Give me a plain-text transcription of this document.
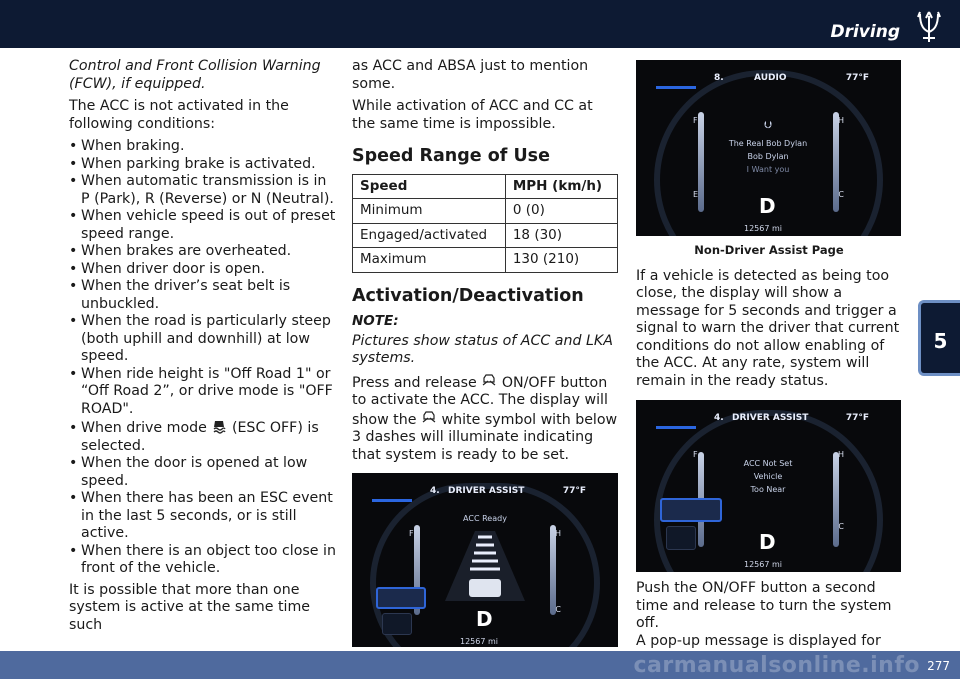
Driving
5
Control and Front Collision Warning (FCW), if equipped.
The ACC is not activated in the following conditions:
• When braking.
• When parking brake is activated.
• When automatic transmission is in P (Park), R (Reverse) or N (Neutral).
• When vehicle speed is out of preset speed range.
• When brakes are overheated.
• When driver door is open.
• When the driver’s seat belt is unbuckled.
• When the road is particularly steep (both uphill and downhill) at low speed.
• When ride height is "Off Road 1" or “Off Road 2”, or drive mode is "OFF ROAD".
• When drive mode (ESC OFF) is selected.
• When the door is opened at low speed.
• When there has been an ESC event in the last 5 seconds, or is still active.
• When there is an object too close in front of the vehicle.
It is possible that more than one system is active at the same time such
as ACC and ABSA just to mention some.
While activation of ACC and CC at the same time is impossible.
Speed Range of Use
Speed	MPH (km/h)
Minimum	0 (0)
Engaged/activated	18 (30)
Maximum	130 (210)
Activation/Deactivation
NOTE:
Pictures show status of ACC and LKA systems.
Press and release ON/OFF button to activate the ACC. The display will show the white symbol with below 3 dashes will illuminate indicating that system is ready to be set.
4. DRIVER ASSIST	77°F
ACC Ready
F	H
C
D
12567 mi
8.	AUDIO	77°F
⮋
The Real Bob Dylan
Bob Dylan
I Want you
F
E
H
C
D
12567 mi
Non-Driver Assist Page
If a vehicle is detected as being too close, the display will show a message for 5 seconds and trigger a signal to warn the driver that current conditions do not allow enabling of the ACC. At any rate, system will remain in the ready status.
4. DRIVER ASSIST	77°F
ACC Not Set
Vehicle
Too Near
F	H
C
D
12567 mi
Push the ON/OFF button a second time and release to turn the system off.
A pop-up message is displayed for
carmanualsonline.info 277
